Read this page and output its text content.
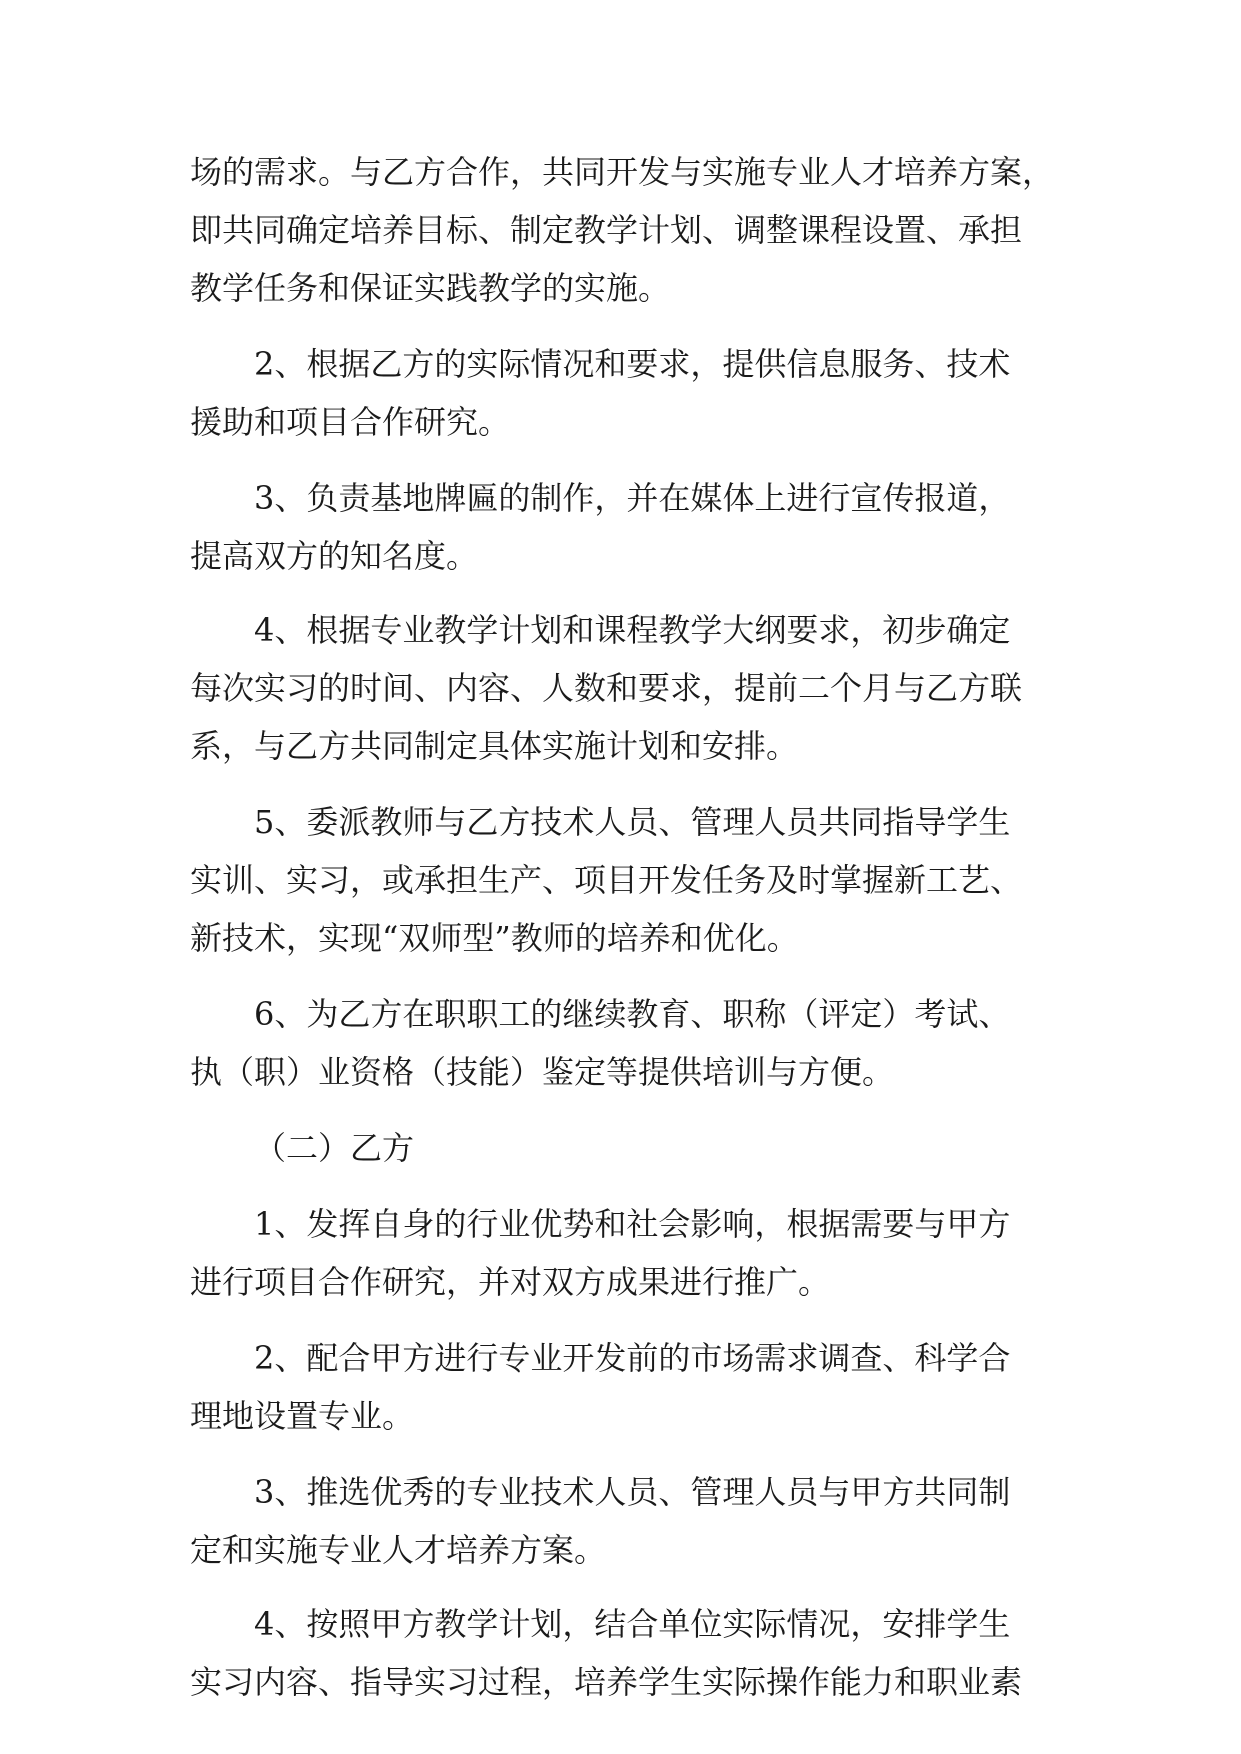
场的需求。与乙方合作，共同开发与实施专业人才培养方案，
即共同确定培养目标、制定教学计划、调整课程设置、承担
教学任务和保证实践教学的实施。
2、根据乙方的实际情况和要求，提供信息服务、技术
援助和项目合作研究。
3、负责基地牌匾的制作，并在媒体上进行宣传报道，
提高双方的知名度。
4、根据专业教学计划和课程教学大纲要求，初步确定
每次实习的时间、内容、人数和要求，提前二个月与乙方联
系，与乙方共同制定具体实施计划和安排。
5、委派教师与乙方技术人员、管理人员共同指导学生
实训、实习，或承担生产、项目开发任务及时掌握新工艺、
新技术，实现“双师型”教师的培养和优化。
6、为乙方在职职工的继续教育、职称（评定）考试、
执（职）业资格（技能）鉴定等提供培训与方便。
（二）乙方
1、发挥自身的行业优势和社会影响，根据需要与甲方
进行项目合作研究，并对双方成果进行推广。
2、配合甲方进行专业开发前的市场需求调查、科学合
理地设置专业。
3、推选优秀的专业技术人员、管理人员与甲方共同制
定和实施专业人才培养方案。
4、按照甲方教学计划，结合单位实际情况，安排学生
实习内容、指导实习过程，培养学生实际操作能力和职业素
